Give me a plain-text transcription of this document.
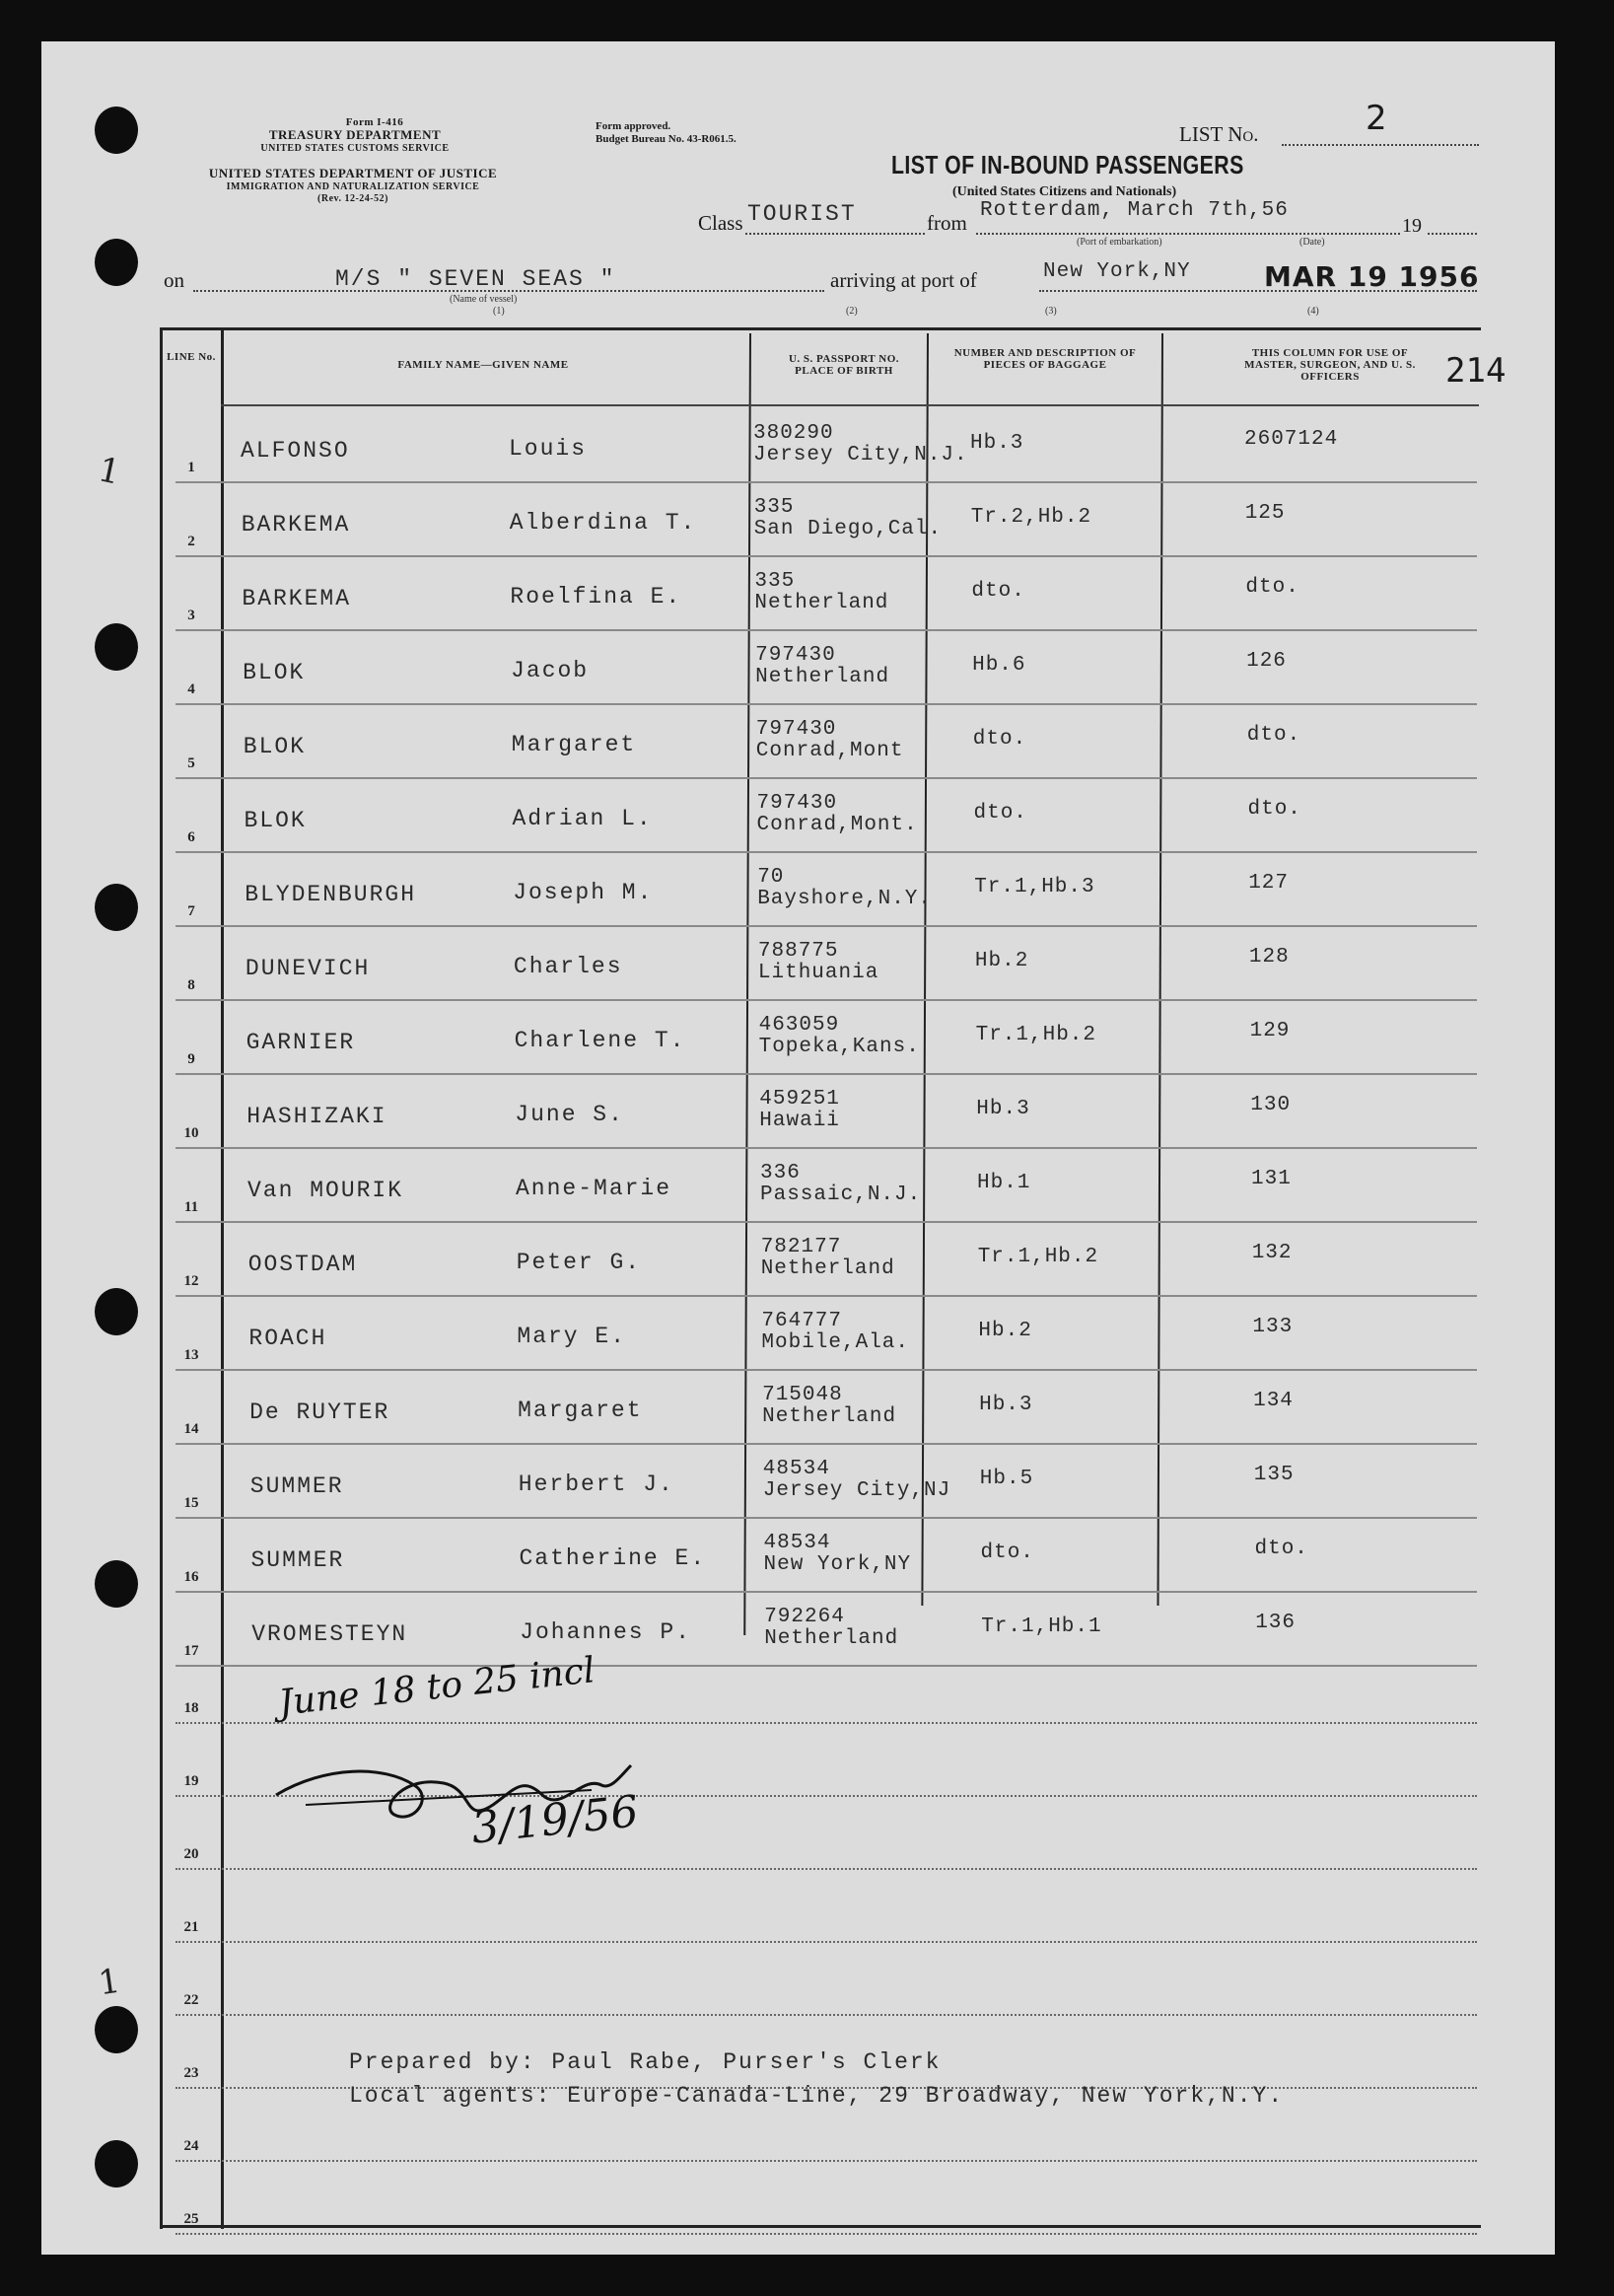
1
1
Form I-416
TREASURY DEPARTMENT
UNITED STATES CUSTOMS SERVICE
UNITED STATES DEPARTMENT OF JUSTICE
IMMIGRATION AND NATURALIZATION SERVICE
(Rev. 12-24-52)
Form approved.
Budget Bureau No. 43-R061.5.	LIST No.	2
LIST OF IN-BOUND PASSENGERS
(United States Citizens and Nationals)
Class TOURIST	from
Rotterdam, March 7th,56
19
(Port of embarkation)	(Date)
on	M/S " SEVEN SEAS "
(Name of vessel)
(1)
arriving at port of	New York,NY	MAR 19 1956
(2)	(3)	(4)
LINE No.
FAMILY NAME—GIVEN NAME	U. S. PASSPORT NO. PLACE OF BIRTH
NUMBER AND DESCRIPTION OF PIECES OF BAGGAGE
THIS COLUMN FOR USE OF MASTER, SURGEON, AND U. S. OFFICERS	214
1
ALFONSO	Louis
380290
Jersey City,N.J.
Hb.3	2607124
2
BARKEMA	Alberdina T.
335
San Diego,Cal.
Tr.2,Hb.2	125
3
BARKEMA	Roelfina E.
335
Netherland
dto.	dto.
4
BLOK	Jacob
797430
Netherland
Hb.6	126
5
BLOK	Margaret
797430
Conrad,Mont
dto.	dto.
6
BLOK	Adrian L.
797430
Conrad,Mont.
dto.	dto.
7
BLYDENBURGH	Joseph M.
70
Bayshore,N.Y.
Tr.1,Hb.3	127
8
DUNEVICH	Charles
788775
Lithuania
Hb.2	128
9
GARNIER	Charlene T.
463059
Topeka,Kans.
Tr.1,Hb.2	129
10
HASHIZAKI	June S.
459251
Hawaii
Hb.3	130
11
Van MOURIK	Anne-Marie
336
Passaic,N.J.
Hb.1	131
12
OOSTDAM	Peter G.
782177
Netherland
Tr.1,Hb.2	132
13
ROACH	Mary E.
764777
Mobile,Ala.
Hb.2	133
14
De RUYTER	Margaret
715048
Netherland
Hb.3	134
15
SUMMER	Herbert J.
48534
Jersey City,NJ
Hb.5	135
16
SUMMER	Catherine E.
48534
New York,NY
dto.	dto.
17
VROMESTEYN	Johannes P.
792264
Netherland
Tr.1,Hb.1	136
18
19
20
21
22
23
24
25
June 18 to 25 incl
3/19/56
Prepared by: Paul Rabe, Purser's Clerk
Local agents: Europe-Canada-Line, 29 Broadway, New York,N.Y.
